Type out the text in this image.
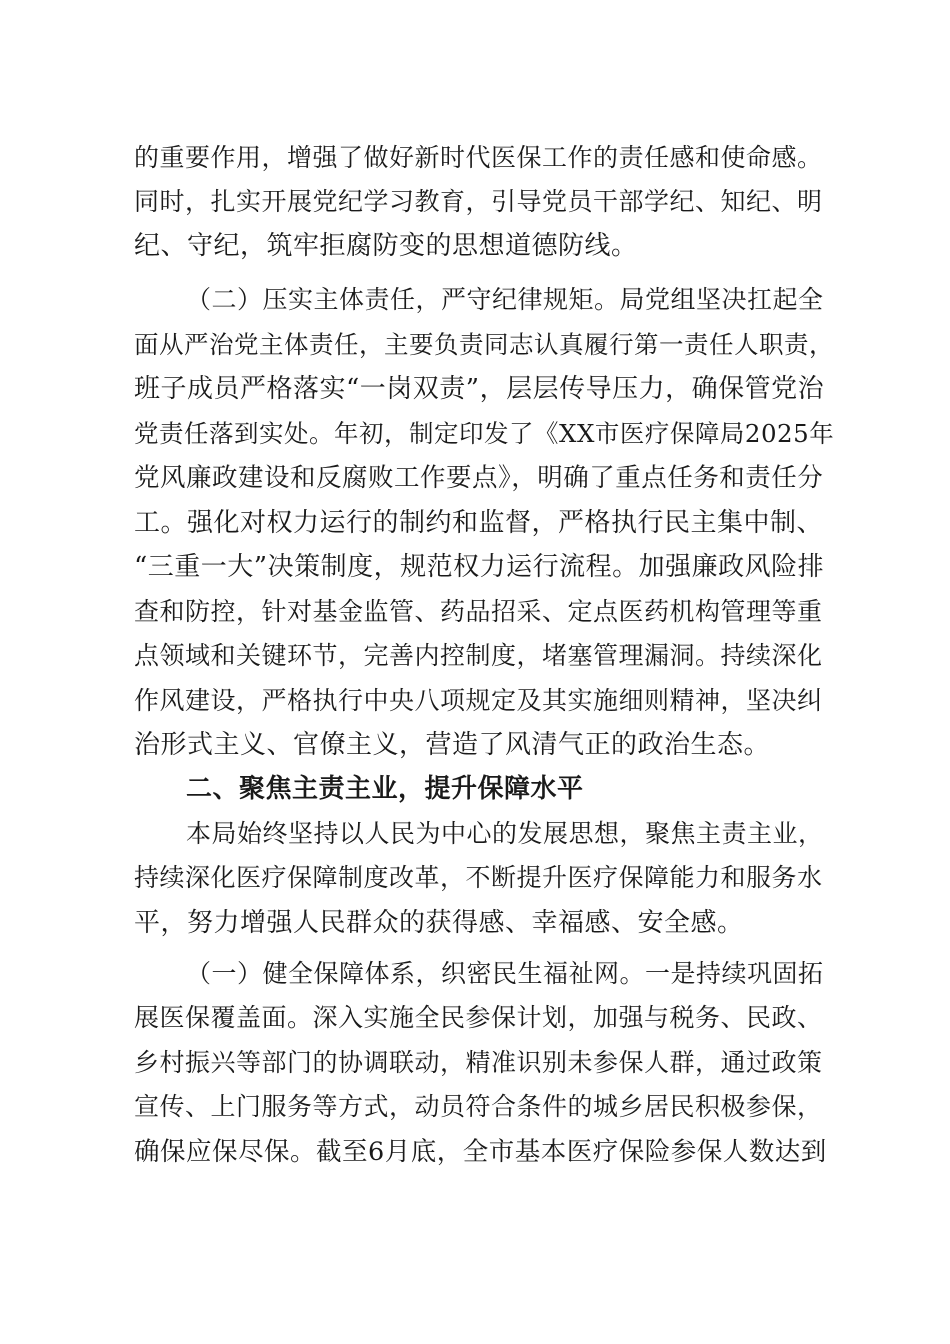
的重要作用，增强了做好新时代医保工作的责任感和使命感。
同时，扎实开展党纪学习教育，引导党员干部学纪、知纪、明
纪、守纪，筑牢拒腐防变的思想道德防线。
（二）压实主体责任，严守纪律规矩。局党组坚决扛起全
面从严治党主体责任，主要负责同志认真履行第一责任人职责，
班子成员严格落实“一岗双责”，层层传导压力，确保管党治
党责任落到实处。年初，制定印发了《XX市医疗保障局2025年
党风廉政建设和反腐败工作要点》，明确了重点任务和责任分
工。强化对权力运行的制约和监督，严格执行民主集中制、
“三重一大”决策制度，规范权力运行流程。加强廉政风险排
查和防控，针对基金监管、药品招采、定点医药机构管理等重
点领域和关键环节，完善内控制度，堵塞管理漏洞。持续深化
作风建设，严格执行中央八项规定及其实施细则精神，坚决纠
治形式主义、官僚主义，营造了风清气正的政治生态。
二、聚焦主责主业，提升保障水平
本局始终坚持以人民为中心的发展思想，聚焦主责主业，
持续深化医疗保障制度改革，不断提升医疗保障能力和服务水
平，努力增强人民群众的获得感、幸福感、安全感。
（一）健全保障体系，织密民生福祉网。一是持续巩固拓
展医保覆盖面。深入实施全民参保计划，加强与税务、民政、
乡村振兴等部门的协调联动，精准识别未参保人群，通过政策
宣传、上门服务等方式，动员符合条件的城乡居民积极参保，
确保应保尽保。截至6月底，全市基本医疗保险参保人数达到
